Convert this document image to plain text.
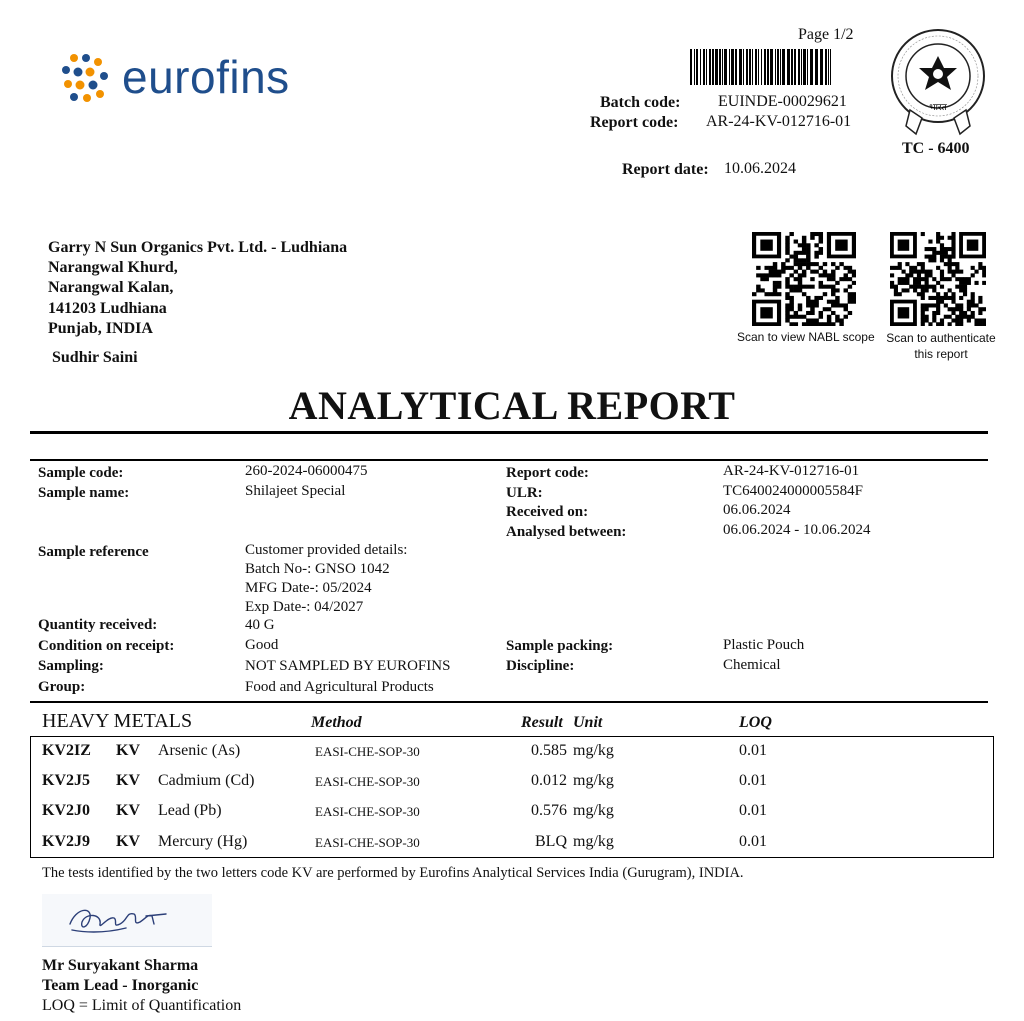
eurofins
Page 1/2
Batch code: EUINDE-00029621
Report code: AR-24-KV-012716-01
Report date: 10.06.2024
भारत
TC - 6400
Garry N Sun Organics Pvt. Ltd. - Ludhiana
Narangwal Khurd,
Narangwal Kalan,
141203 Ludhiana
Punjab, INDIA
Sudhir Saini
Scan to view NABL scope Scan to authenticate
this report
ANALYTICAL REPORT
Sample code:	260-2024-06000475
Sample name:	Shilajeet Special
Report code:	AR-24-KV-012716-01
ULR:	TC640024000005584F
Received on:	06.06.2024
Analysed between:	06.06.2024 - 10.06.2024
Sample reference	Customer provided details:
Batch No-: GNSO 1042
MFG Date-: 05/2024
Exp Date-: 04/2027
Quantity received:	40 G
Condition on receipt:	Good
Sampling:	NOT SAMPLED BY EUROFINS
Group:	Food and Agricultural Products
Sample packing:	Plastic Pouch
Discipline:	Chemical
HEAVY METALS	Method	Result Unit	LOQ
KV2IZ KV Arsenic (As)	EASI-CHE-SOP-30	0.585 mg/kg	0.01
KV2J5 KV Cadmium (Cd)	EASI-CHE-SOP-30	0.012 mg/kg	0.01
KV2J0 KV Lead (Pb)	EASI-CHE-SOP-30	0.576 mg/kg	0.01
KV2J9 KV Mercury (Hg)	EASI-CHE-SOP-30	BLQ mg/kg	0.01
The tests identified by the two letters code KV are performed by Eurofins Analytical Services India (Gurugram), INDIA.
Mr Suryakant Sharma
Team Lead - Inorganic
LOQ = Limit of Quantification
